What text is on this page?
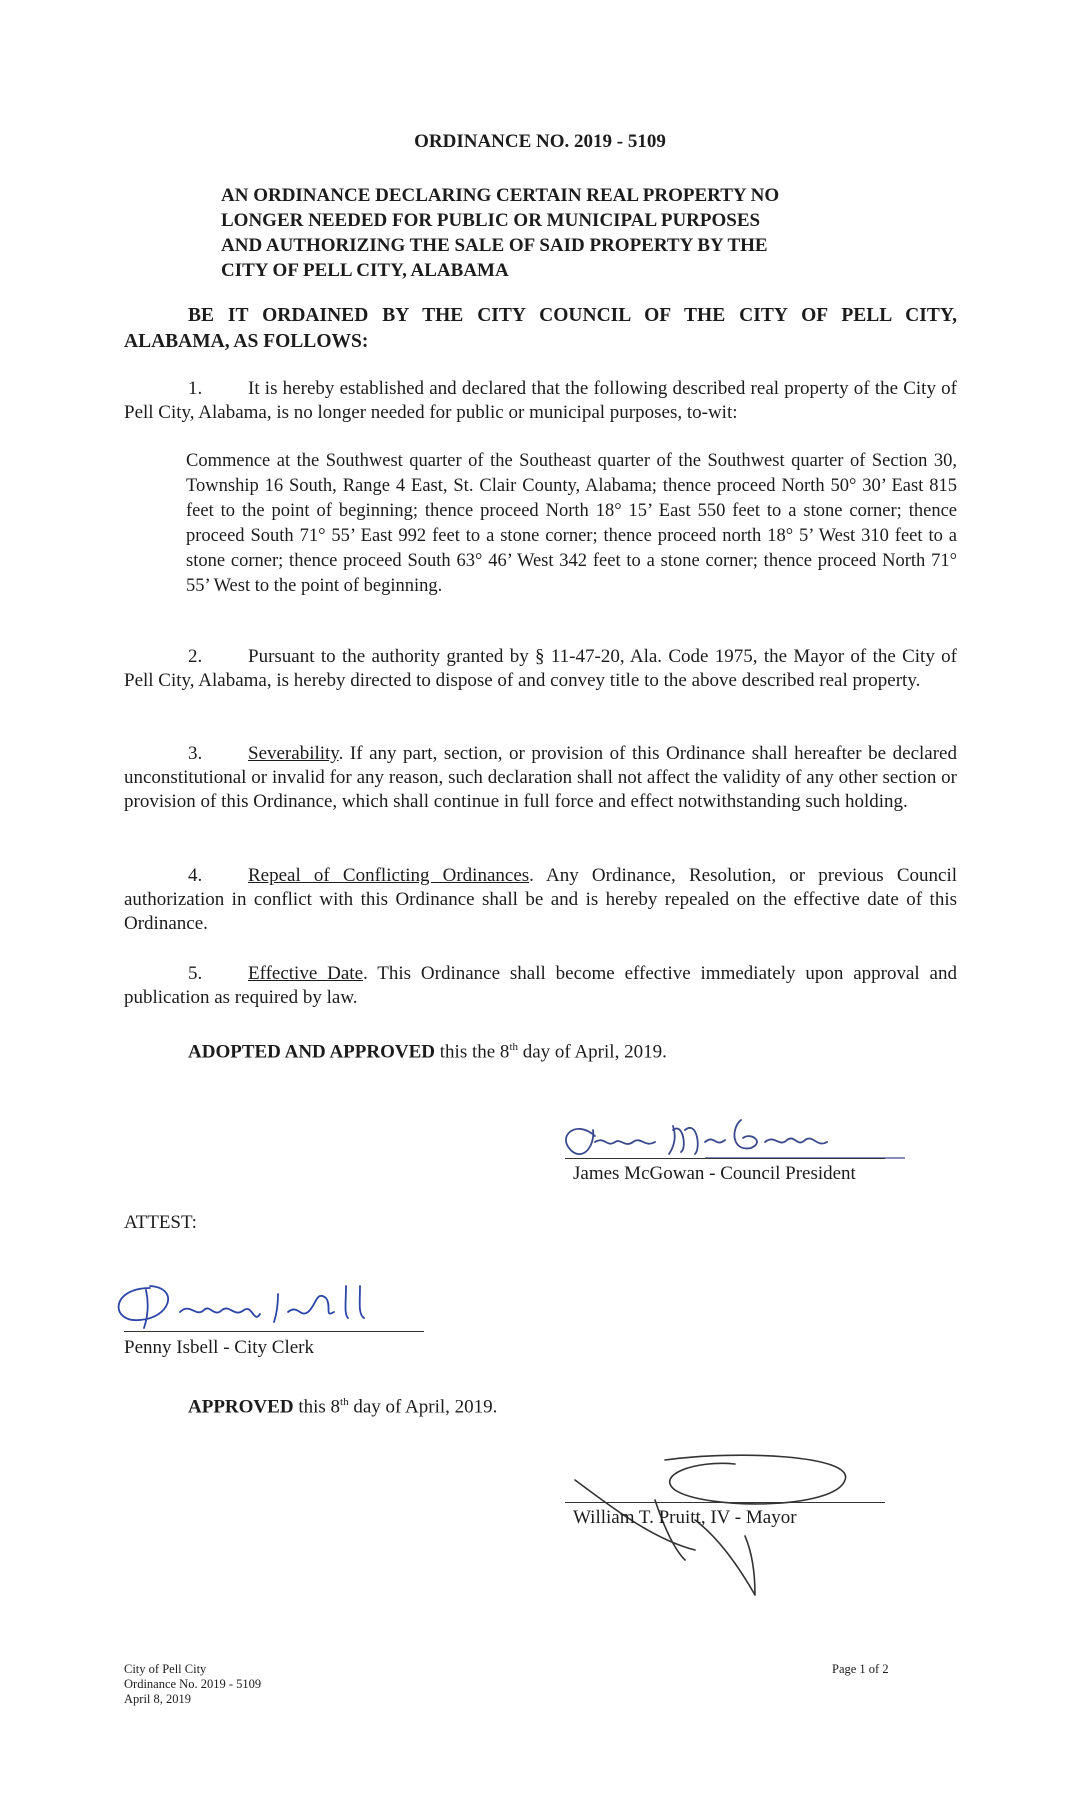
ORDINANCE NO. 2019 - 5109
AN ORDINANCE DECLARING CERTAIN REAL PROPERTY NO
LONGER NEEDED FOR PUBLIC OR MUNICIPAL PURPOSES
AND AUTHORIZING THE SALE OF SAID PROPERTY BY THE
CITY OF PELL CITY, ALABAMA
BE IT ORDAINED BY THE CITY COUNCIL OF THE CITY OF PELL CITY, ALABAMA, AS FOLLOWS:
1. It is hereby established and declared that the following described real property of the City of Pell City, Alabama, is no longer needed for public or municipal purposes, to-wit:
Commence at the Southwest quarter of the Southeast quarter of the Southwest quarter of Section 30, Township 16 South, Range 4 East, St. Clair County, Alabama; thence proceed North 50° 30’ East 815 feet to the point of beginning; thence proceed North 18° 15’ East 550 feet to a stone corner; thence proceed South 71° 55’ East 992 feet to a stone corner; thence proceed north 18° 5’ West 310 feet to a stone corner; thence proceed South 63° 46’ West 342 feet to a stone corner; thence proceed North 71° 55’ West to the point of beginning.
2. Pursuant to the authority granted by § 11-47-20, Ala. Code 1975, the Mayor of the City of Pell City, Alabama, is hereby directed to dispose of and convey title to the above described real property.
3. Severability. If any part, section, or provision of this Ordinance shall hereafter be declared unconstitutional or invalid for any reason, such declaration shall not affect the validity of any other section or provision of this Ordinance, which shall continue in full force and effect notwithstanding such holding.
4. Repeal of Conflicting Ordinances. Any Ordinance, Resolution, or previous Council authorization in conflict with this Ordinance shall be and is hereby repealed on the effective date of this Ordinance.
5. Effective Date. This Ordinance shall become effective immediately upon approval and publication as required by law.
ADOPTED AND APPROVED this the 8th day of April, 2019.
James McGowan - Council President
ATTEST:
Penny Isbell - City Clerk
APPROVED this 8th day of April, 2019.
William T. Pruitt, IV - Mayor
City of Pell City
Ordinance No. 2019 - 5109
April 8, 2019
Page 1 of 2
